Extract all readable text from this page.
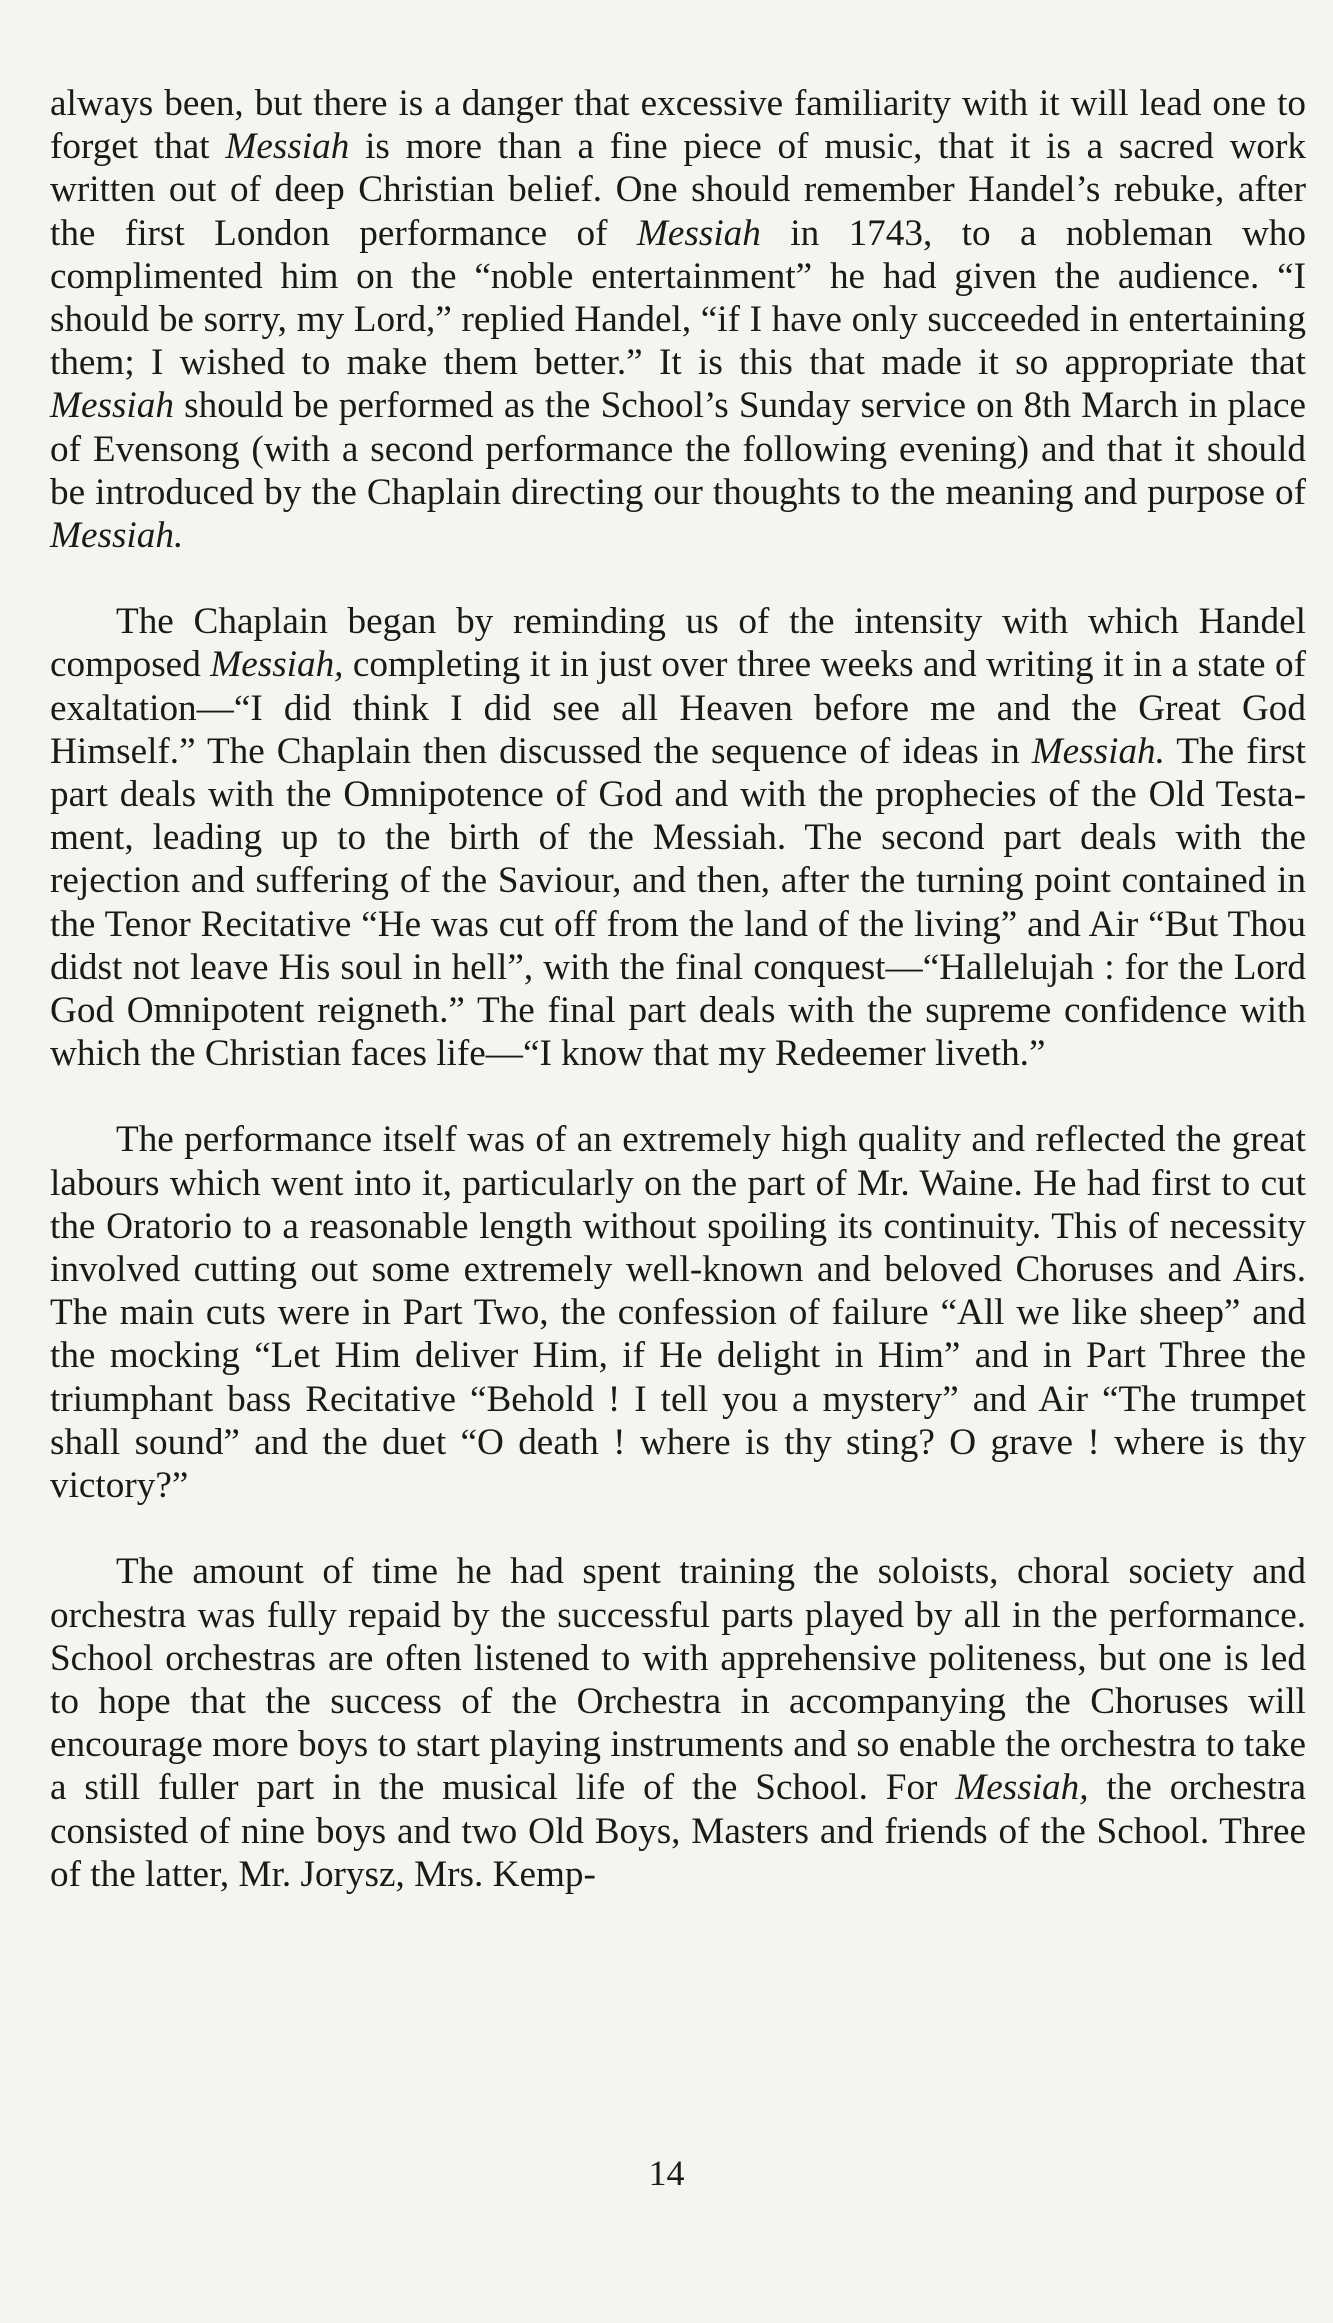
always been, but there is a danger that excessive familiarity with it will lead one to forget that Messiah is more than a fine piece of music, that it is a sacred work written out of deep Christian belief. One should remember Handel’s rebuke, after the first London performance of Messiah in 1743, to a nobleman who complimented him on the “noble entertainment” he had given the audience. “I should be sorry, my Lord,” replied Handel, “if I have only succeeded in entertaining them; I wished to make them better.” It is this that made it so appropriate that Messiah should be performed as the School’s Sunday service on 8th March in place of Evensong (with a second performance the following evening) and that it should be introduced by the Chaplain directing our thoughts to the meaning and purpose of Messiah.

The Chaplain began by reminding us of the intensity with which Handel composed Messiah, completing it in just over three weeks and writing it in a state of exaltation—“I did think I did see all Heaven before me and the Great God Himself.” The Chaplain then discussed the sequence of ideas in Messiah. The first part deals with the Omnipotence of God and with the prophecies of the Old Testament, leading up to the birth of the Messiah. The second part deals with the rejection and suffering of the Saviour, and then, after the turning point contained in the Tenor Recitative “He was cut off from the land of the living” and Air “But Thou didst not leave His soul in hell”, with the final conquest—“Hallelujah : for the Lord God Omnipotent reigneth.” The final part deals with the supreme confidence with which the Christian faces life—“I know that my Redeemer liveth.”

The performance itself was of an extremely high quality and reflected the great labours which went into it, particularly on the part of Mr. Waine. He had first to cut the Oratorio to a reasonable length without spoiling its continuity. This of necessity involved cutting out some extremely well-known and beloved Choruses and Airs. The main cuts were in Part Two, the confession of failure “All we like sheep” and the mocking “Let Him deliver Him, if He delight in Him” and in Part Three the triumphant bass Recitative “Behold ! I tell you a mystery” and Air “The trumpet shall sound” and the duet “O death ! where is thy sting? O grave ! where is thy victory?”

The amount of time he had spent training the soloists, choral society and orchestra was fully repaid by the successful parts played by all in the performance. School orchestras are often listened to with apprehensive politeness, but one is led to hope that the success of the Orchestra in accompanying the Choruses will encourage more boys to start playing instruments and so enable the orchestra to take a still fuller part in the musical life of the School. For Messiah, the orchestra consisted of nine boys and two Old Boys, Masters and friends of the School. Three of the latter, Mr. Jorysz, Mrs. Kemp-

14
